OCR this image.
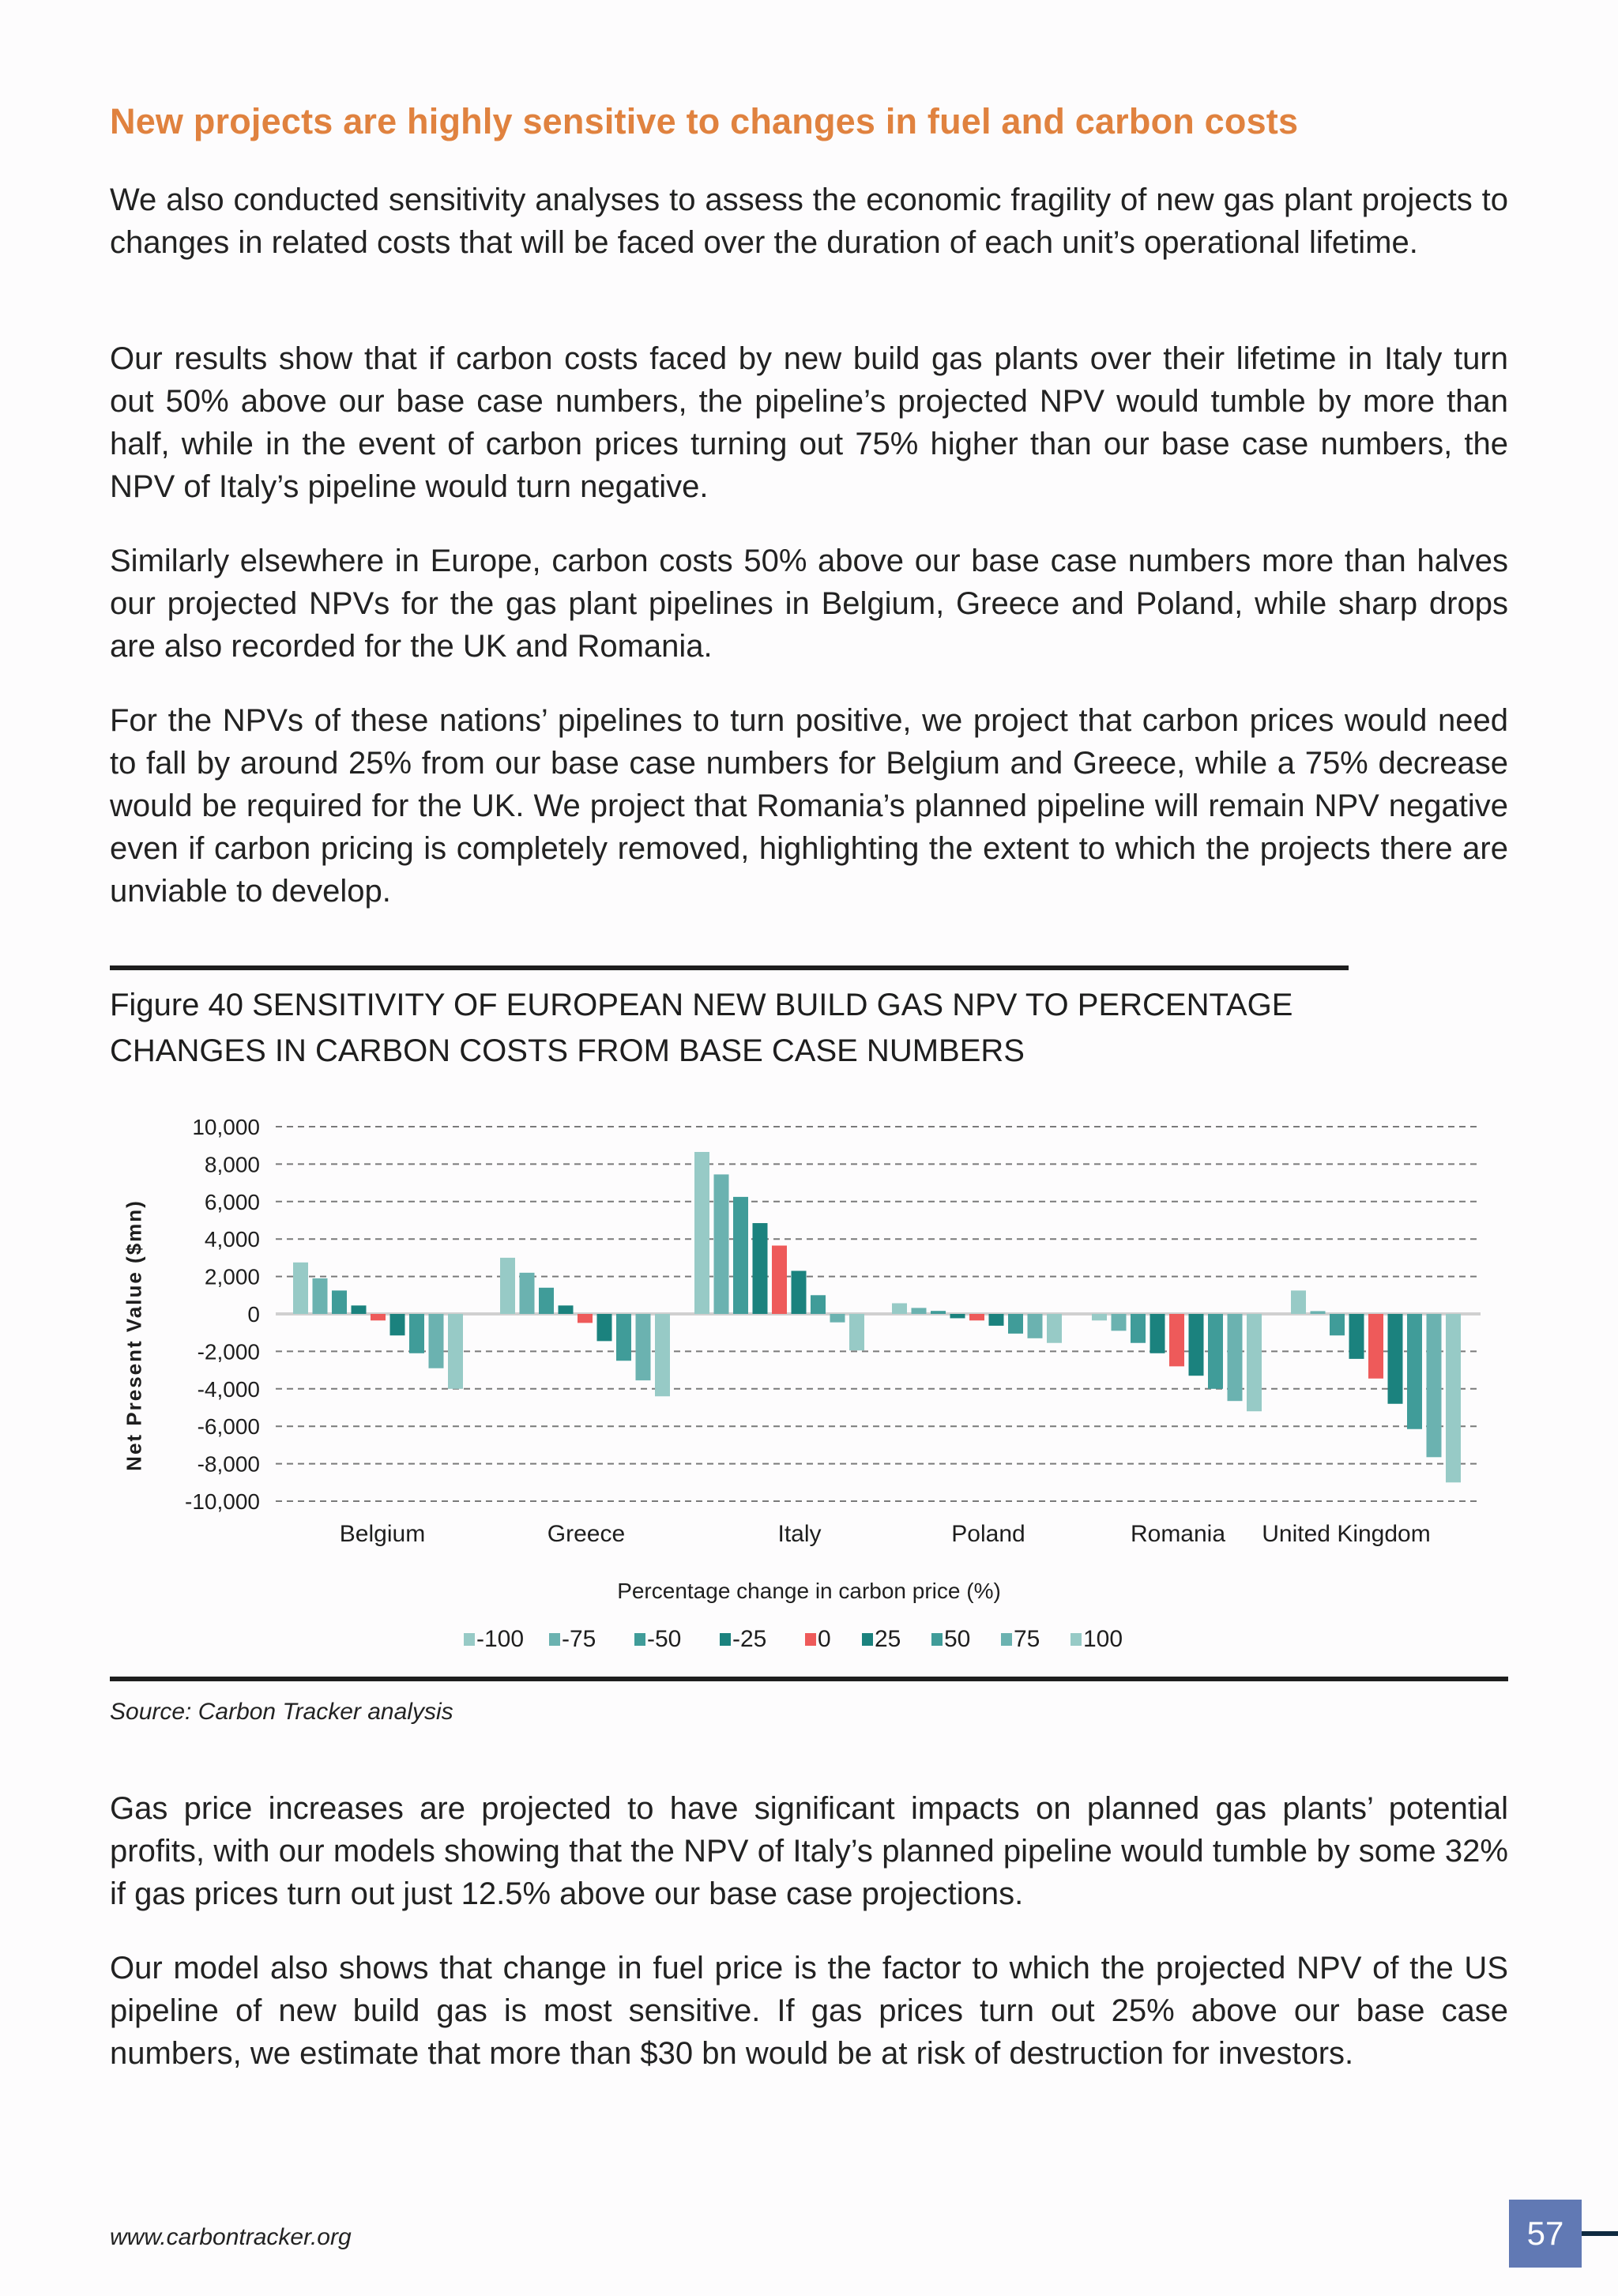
New projects are highly sensitive to changes in fuel and carbon costs
We also conducted sensitivity analyses to assess the economic fragility of new gas plant projects to changes in related costs that will be faced over the duration of each unit’s operational lifetime.
Our results show that if carbon costs faced by new build gas plants over their lifetime in Italy turn out 50% above our base case numbers, the pipeline’s projected NPV would tumble by more than half, while in the event of carbon prices turning out 75% higher than our base case numbers, the NPV of Italy’s pipeline would turn negative.
Similarly elsewhere in Europe, carbon costs 50% above our base case numbers more than halves our projected NPVs for the gas plant pipelines in Belgium, Greece and Poland, while sharp drops are also recorded for the UK and Romania.
For the NPVs of these nations’ pipelines to turn positive, we project that carbon prices would need to fall by around 25% from our base case numbers for Belgium and Greece, while a 75% decrease would be required for the UK. We project that Romania’s planned pipeline will remain NPV negative even if carbon pricing is completely removed, highlighting the extent to which the projects there are unviable to develop.
Figure 40 SENSITIVITY OF EUROPEAN NEW BUILD GAS NPV TO PERCENTAGE CHANGES IN CARBON COSTS FROM BASE CASE NUMBERS
Net Present Value ($mn)
10,000
8,000
6,000
4,000
2,000
0
-2,000
-4,000
-6,000
-8,000
-10,000
Belgium	Greece	Italy	Poland	Romania United Kingdom
Percentage change in carbon price (%)
-100 -75 -50 -25 0 25 50 75 100
Source: Carbon Tracker analysis
Gas price increases are projected to have significant impacts on planned gas plants’ potential profits, with our models showing that the NPV of Italy’s planned pipeline would tumble by some 32% if gas prices turn out just 12.5% above our base case projections.
Our model also shows that change in fuel price is the factor to which the projected NPV of the US pipeline of new build gas is most sensitive. If gas prices turn out 25% above our base case numbers, we estimate that more than $30 bn would be at risk of destruction for investors.
www.carbontracker.org	57
